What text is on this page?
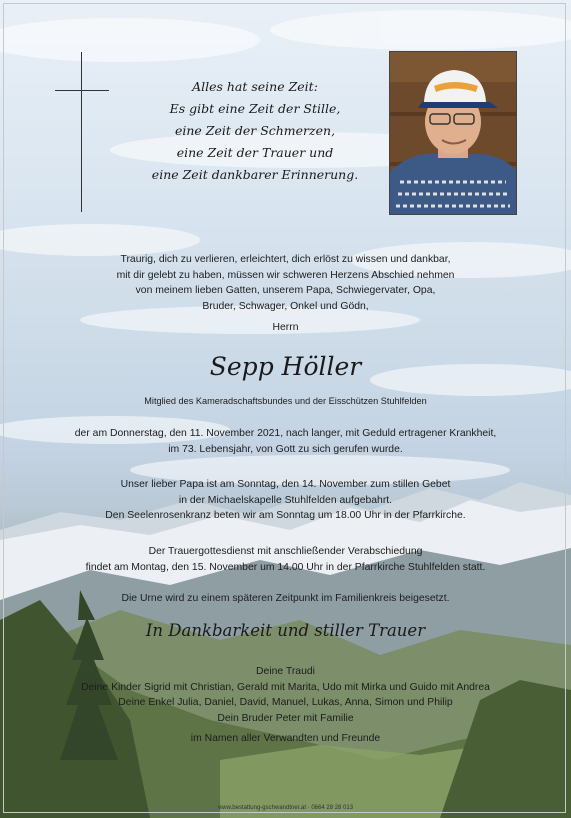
Alles hat seine Zeit:
Es gibt eine Zeit der Stille,
eine Zeit der Schmerzen,
eine Zeit der Trauer und
eine Zeit dankbarer Erinnerung.
Traurig, dich zu verlieren, erleichtert, dich erlöst zu wissen und dankbar,
mit dir gelebt zu haben, müssen wir schweren Herzens Abschied nehmen
von meinem lieben Gatten, unserem Papa, Schwiegervater, Opa,
Bruder, Schwager, Onkel und Gödn,
Herrn
Sepp Höller
Mitglied des Kameradschaftsbundes und der Eisschützen Stuhlfelden
der am Donnerstag, den 11. November 2021, nach langer, mit Geduld ertragener Krankheit,
im 73. Lebensjahr, von Gott zu sich gerufen wurde.
Unser lieber Papa ist am Sonntag, den 14. November zum stillen Gebet
in der Michaelskapelle Stuhlfelden aufgebahrt.
Den Seelenrosenkranz beten wir am Sonntag um 18.00 Uhr in der Pfarrkirche.
Der Trauergottesdienst mit anschließender Verabschiedung
findet am Montag, den 15. November um 14.00 Uhr in der Pfarrkirche Stuhlfelden statt.
Die Urne wird zu einem späteren Zeitpunkt im Familienkreis beigesetzt.
In Dankbarkeit und stiller Trauer
Deine Traudi
Deine Kinder Sigrid mit Christian, Gerald mit Marita, Udo mit Mirka und Guido mit Andrea
Deine Enkel Julia, Daniel, David, Manuel, Lukas, Anna, Simon und Philip
Dein Bruder Peter mit Familie
im Namen aller Verwandten und Freunde
www.bestattung-gschwandtner.at · 0664 28 28 013
